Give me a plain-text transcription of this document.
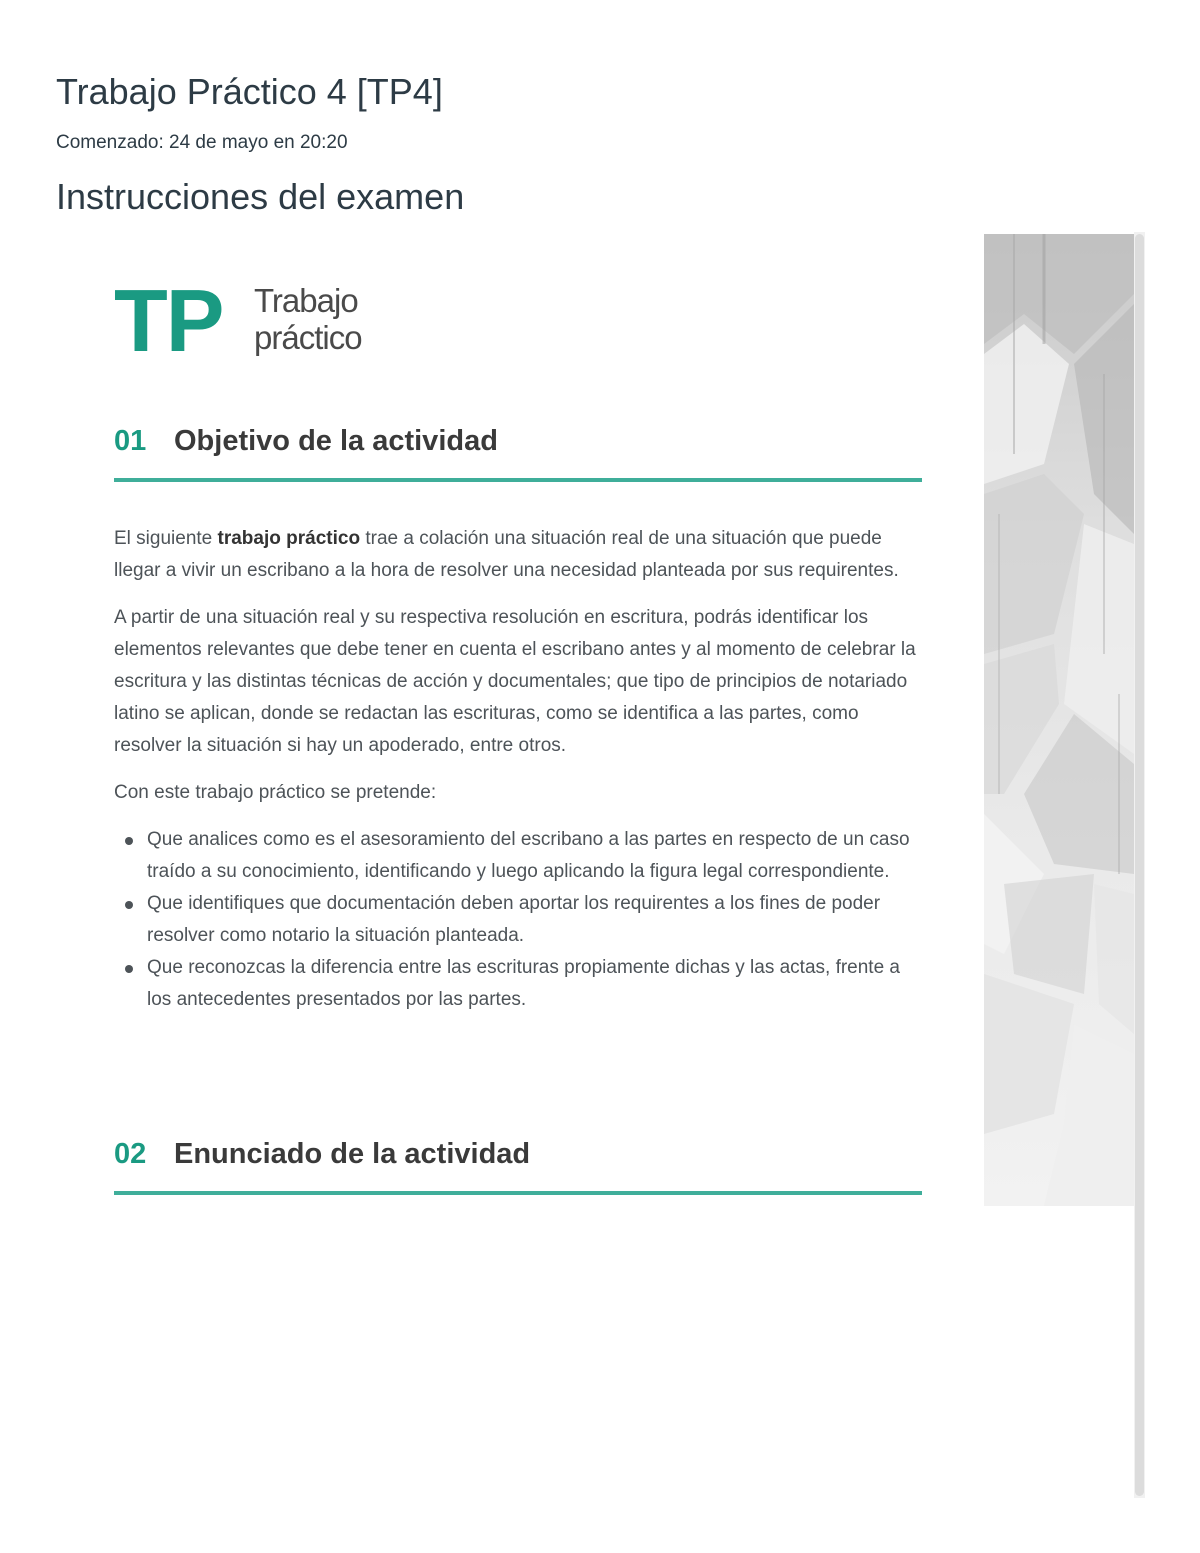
Trabajo Práctico 4 [TP4]
Comenzado: 24 de mayo en 20:20
Instrucciones del examen
TP Trabajo
práctico
01 Objetivo de la actividad

El siguiente trabajo práctico trae a colación una situación real de una situación que puede llegar a vivir un escribano a la hora de resolver una necesidad planteada por sus requirentes.

A partir de una situación real y su respectiva resolución en escritura, podrás identificar los elementos relevantes que debe tener en cuenta el escribano antes y al momento de celebrar la escritura y las distintas técnicas de acción y documentales; que tipo de principios de notariado latino se aplican, donde se redactan las escrituras, como se identifica a las partes, como resolver la situación si hay un apoderado, entre otros.

Con este trabajo práctico se pretende:

Que analices como es el asesoramiento del escribano a las partes en respecto de un caso traído a su conocimiento, identificando y luego aplicando la figura legal correspondiente.
Que identifiques que documentación deben aportar los requirentes a los fines de poder resolver como notario la situación planteada.
Que reconozcas la diferencia entre las escrituras propiamente dichas y las actas, frente a los antecedentes presentados por las partes.
02 Enunciado de la actividad
